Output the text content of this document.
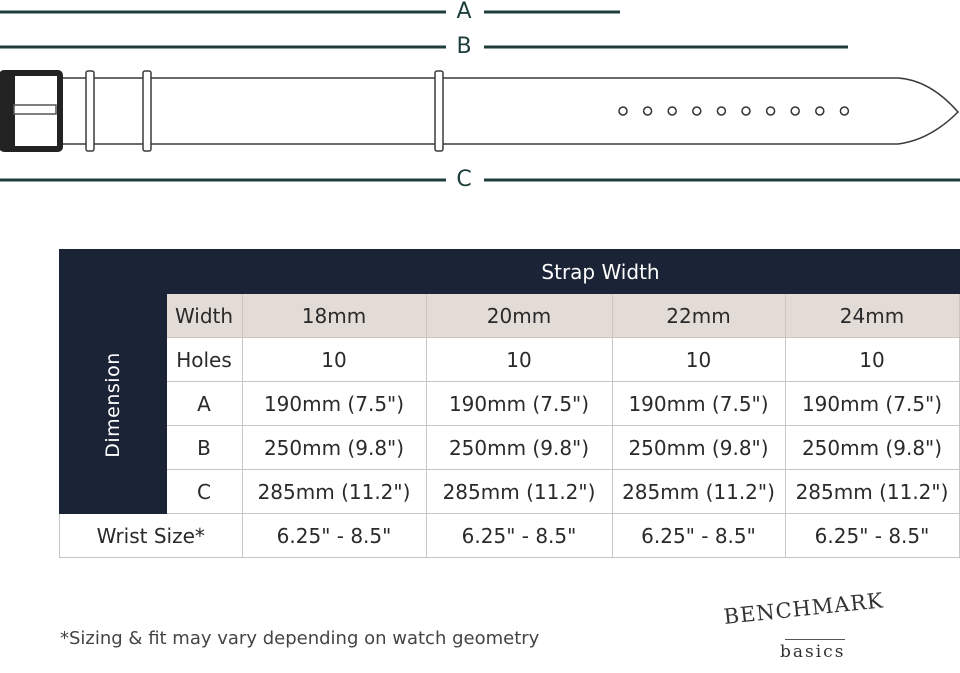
A
B
C
		Strap Width			
Dimension	Width	18mm	20mm	22mm	24mm
	Holes	10	10	10	10
	A	190mm (7.5")	190mm (7.5")	190mm (7.5")	190mm (7.5")
	B	250mm (9.8")	250mm (9.8")	250mm (9.8")	250mm (9.8")
	C	285mm (11.2")	285mm (11.2")	285mm (11.2")	285mm (11.2")
Wrist Size*		6.25" - 8.5"	6.25" - 8.5"	6.25" - 8.5"	6.25" - 8.5"
*Sizing & fit may vary depending on watch geometry
BENCHMARK
basics
